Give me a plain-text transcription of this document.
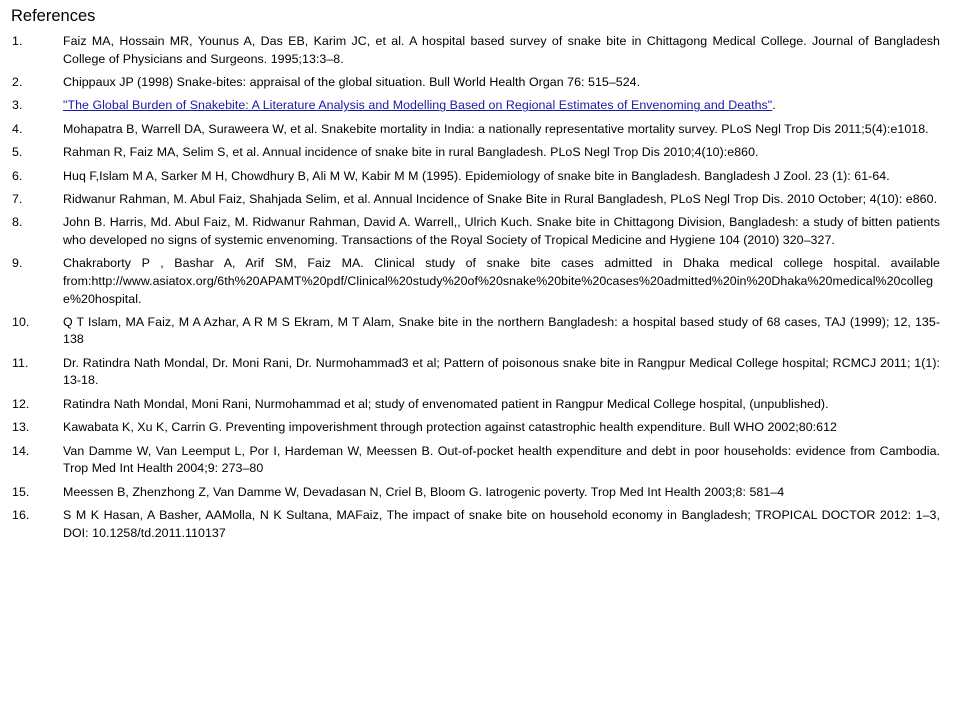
References
1.	Faiz MA, Hossain MR, Younus A, Das EB, Karim JC, et al. A hospital based survey of snake bite in Chittagong Medical College. Journal of Bangladesh College of Physicians and Surgeons. 1995;13:3–8.
2.	Chippaux JP (1998) Snake-bites: appraisal of the global situation. Bull World Health Organ 76: 515–524.
3.	"The Global Burden of Snakebite: A Literature Analysis and Modelling Based on Regional Estimates of Envenoming and Deaths".
4.	Mohapatra B, Warrell DA, Suraweera W, et al. Snakebite mortality in India: a nationally representative mortality survey. PLoS Negl Trop Dis 2011;5(4):e1018.
5.	Rahman R, Faiz MA, Selim S, et al. Annual incidence of snake bite in rural Bangladesh. PLoS Negl Trop Dis 2010;4(10):e860.
6.	Huq F,Islam M A, Sarker M H, Chowdhury B, Ali M W, Kabir M M (1995). Epidemiology of snake bite in Bangladesh. Bangladesh J Zool. 23 (1): 61-64.
7.	Ridwanur Rahman, M. Abul Faiz, Shahjada Selim, et al. Annual Incidence of Snake Bite in Rural Bangladesh, PLoS Negl Trop Dis. 2010 October; 4(10): e860.
8.	John B. Harris, Md. Abul Faiz, M. Ridwanur Rahman, David A. Warrell,, Ulrich Kuch. Snake bite in Chittagong Division, Bangladesh: a study of bitten patients who developed no signs of systemic envenoming. Transactions of the Royal Society of Tropical Medicine and Hygiene 104 (2010) 320–327.
9.	Chakraborty P , Bashar A, Arif SM, Faiz MA. Clinical study of snake bite cases admitted in Dhaka medical college hospital. available from:http://www.asiatox.org/6th%20APAMT%20pdf/Clinical%20study%20of%20snake%20bite%20cases%20admitted%20in%20Dhaka%20medical%20college%20hospital.
10.	Q T Islam, MA Faiz, M A Azhar, A R M S Ekram, M T Alam, Snake bite in the northern Bangladesh: a hospital based study of 68 cases, TAJ (1999); 12, 135-138
11.	Dr. Ratindra Nath Mondal, Dr. Moni Rani, Dr. Nurmohammad3 et al; Pattern of poisonous snake bite in Rangpur Medical College hospital; RCMCJ 2011; 1(1): 13-18.
12.	Ratindra Nath Mondal, Moni Rani, Nurmohammad et al; study of envenomated patient in Rangpur Medical College hospital, (unpublished).
13.	Kawabata K, Xu K, Carrin G. Preventing impoverishment through protection against catastrophic health expenditure. Bull WHO 2002;80:612
14.	Van Damme W, Van Leemput L, Por I, Hardeman W, Meessen B. Out-of-pocket health expenditure and debt in poor households: evidence from Cambodia. Trop Med Int Health 2004;9: 273–80
15.	Meessen B, Zhenzhong Z, Van Damme W, Devadasan N, Criel B, Bloom G. Iatrogenic poverty. Trop Med Int Health 2003;8: 581–4
16.	S M K Hasan, A Basher, AAMolla, N K Sultana, MAFaiz, The impact of snake bite on household economy in Bangladesh; TROPICAL DOCTOR 2012: 1–3, DOI: 10.1258/td.2011.110137
